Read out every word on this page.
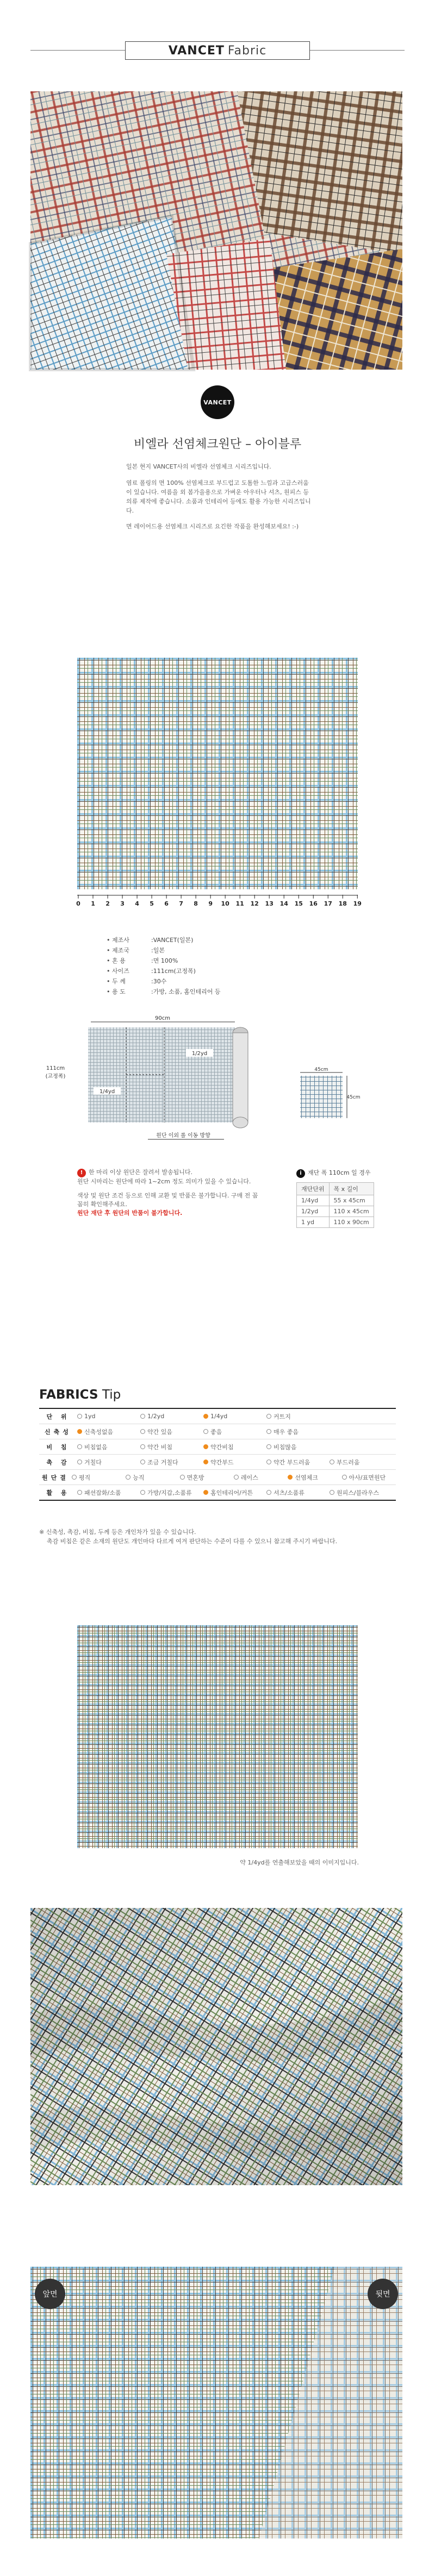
VANCET Fabric
VANCET
비엘라 선염체크원단 – 아이블루
일본 현지 VANCET사의 비엘라 선염체크 시리즈입니다.
염료 폴링의 면 100% 선염체크로 부드럽고 도톰한 느낌과 고급스러움이 있습니다. 여름을 외 봄가을용으로 가벼운 아우터나 셔츠, 원피스 등 의류 제작에 좋습니다. 소품과 인테리어 등에도 활용 가능한 시리즈입니다.
면 레이어드용 선염체크 시리즈로 요긴한 작품을 완성해보세요! :-)
0 1 2 3 4 5 6 7 8 9 10 11 12 13 14 15 16 17 18 19
• 제조사	: VANCET(일본)
• 제조국	: 일본
• 혼 용	: 면 100%
• 사이즈	: 111cm(고정폭)
• 두 께	: 30수
• 용 도	: 가방, 소품, 홈인테리어 등
90cm
1/4yd
1/2yd
원단 이외 롤 이동 방향
111cm
(고정폭)
45cm
45cm
! 한 마리 이상 원단은 잘려서 발송됩니다.
원단 시마리는 원단에 따라 1~2cm 정도 의미가 있을 수 있습니다.
색상 및 원단 조건 등으로 인해 교환 및 반품은 불가합니다. 구매 전 꼼꼼히 확인해주세요.
원단 재단 후 원단의 반품이 불가합니다.
i 재단 폭 110cm 일 경우
재단단위	폭 x 길이
1/4yd	55 x 45cm
1/2yd	110 x 45cm
1 yd	110 x 90cm
FABRICS Tip
단 위	1yd	1/2yd	1/4yd	커트지
신축성	신축성없음	약간 있음	좋음	매우 좋음
비 침	비침없음	약간 비침	약간비침	비침많음
촉 감	거칠다	조금 거칠다	약간부드	약간 부드러움	부드러움
원단결	평직	능직	면혼방	레이스	선염체크	아사/표면원단
활 용	패션잡화/소품	가방/지갑,소품류	홈인테리어/커튼	셔츠/소품류	원피스/블라우스
※ 신축성, 촉감, 비침, 두께 등은 개인차가 있을 수 있습니다.
촉감 비침은 같은 소재의 원단도 개인마다 다르게 여겨 판단하는 수준이 다를 수 있으니 참고해 주시기 바랍니다.
약 1/4yd를 연출해보았을 때의 이미지입니다.
앞면	뒷면
